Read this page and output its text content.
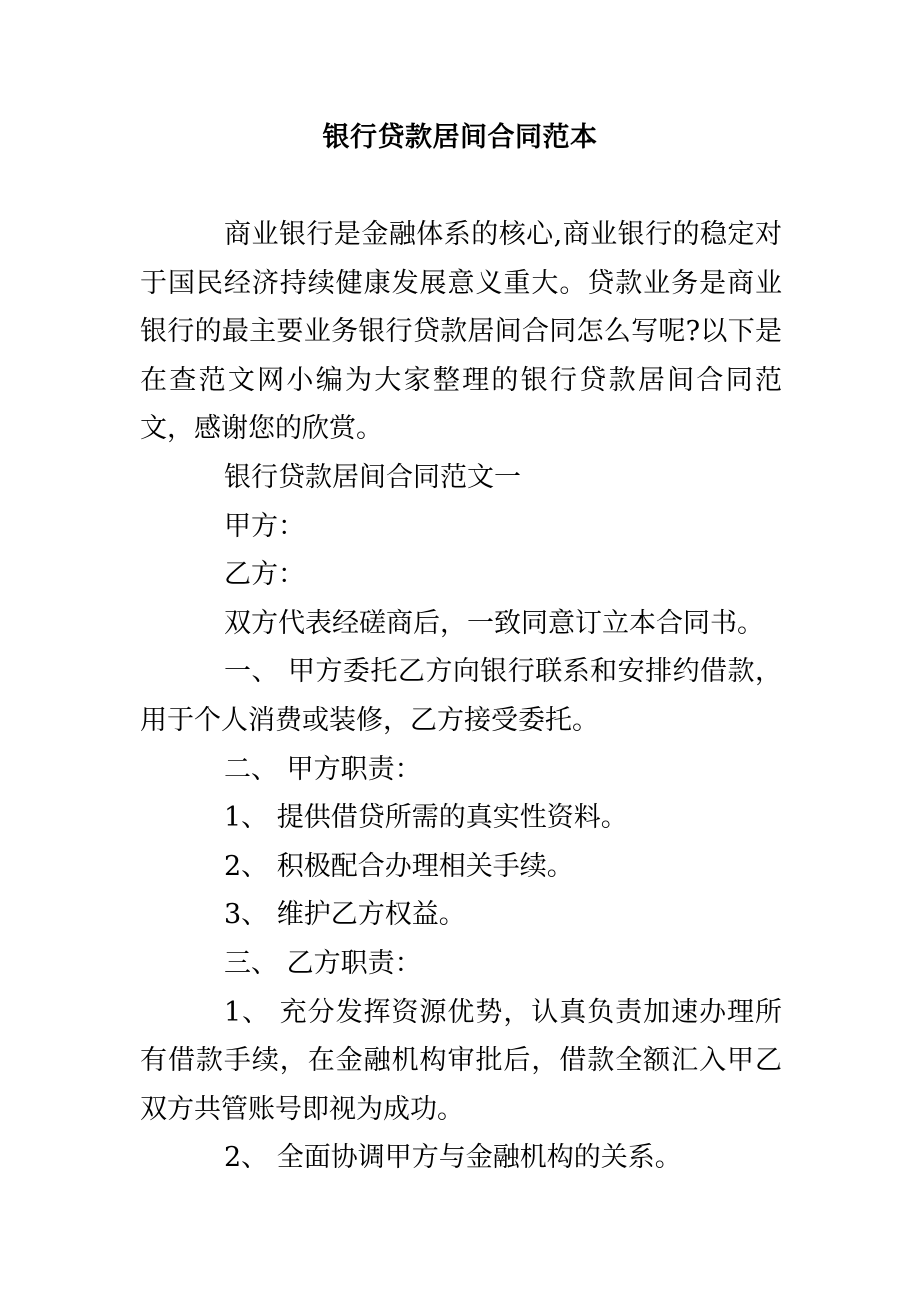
银行贷款居间合同范本

商业银行是金融体系的核心,商业银行的稳定对于国民经济持续健康发展意义重大。贷款业务是商业银行的最主要业务银行贷款居间合同怎么写呢?以下是在查范文网小编为大家整理的银行贷款居间合同范文，感谢您的欣赏。

银行贷款居间合同范文一

甲方：

乙方：

双方代表经磋商后，一致同意订立本合同书。

一、 甲方委托乙方向银行联系和安排约借款，用于个人消费或装修，乙方接受委托。

二、 甲方职责：

1、 提供借贷所需的真实性资料。

2、 积极配合办理相关手续。

3、 维护乙方权益。

三、 乙方职责：

1、 充分发挥资源优势，认真负责加速办理所有借款手续，在金融机构审批后，借款全额汇入甲乙双方共管账号即视为成功。

2、 全面协调甲方与金融机构的关系。
